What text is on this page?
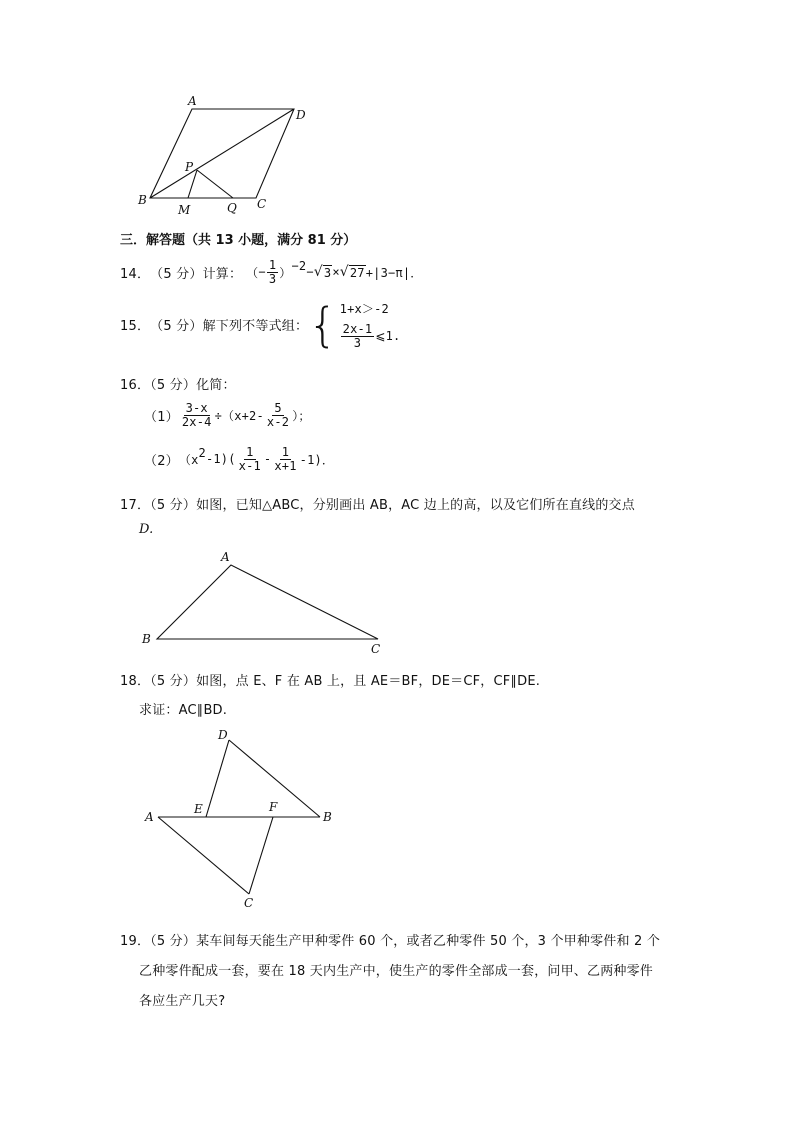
A
D
P
B
M	Q C
三．解答题（共 13 小题，满分 81 分）
14． （5 分） 计算： （ − $\frac{1}{3} )^{-2}$ − √ 3 × √ 27 +|3−π|．
15． （5 分） 解下列不等式组： { 1+x＞-2
$\frac{2x-1}{3}$ ⩽1 .
16．（5 分）化简：
$(1) \frac{3-x}{2x-4} \div(x+2- \frac{5}{x-2}$ ）；
（2） （$x^2$ $-1)( \frac{1}{x-1} - \frac{1}{x+1} -1)$．
17．（5 分）如图，已知△ABC，分别画出 AB，AC 边上的高，以及它们所在直线的交点
D.
A
B
C
18．（5 分）如图，点 E、F 在 AB 上，且 AE＝BF，DE＝CF，CF∥DE.
求证：AC∥BD.
D
A
E	F
B
C
19．（5 分）某车间每天能生产甲种零件 60 个，或者乙种零件 50 个，3 个甲种零件和 2 个
乙种零件配成一套，要在 18 天内生产中，使生产的零件全部成一套，问甲、乙两种零件
各应生产几天?
